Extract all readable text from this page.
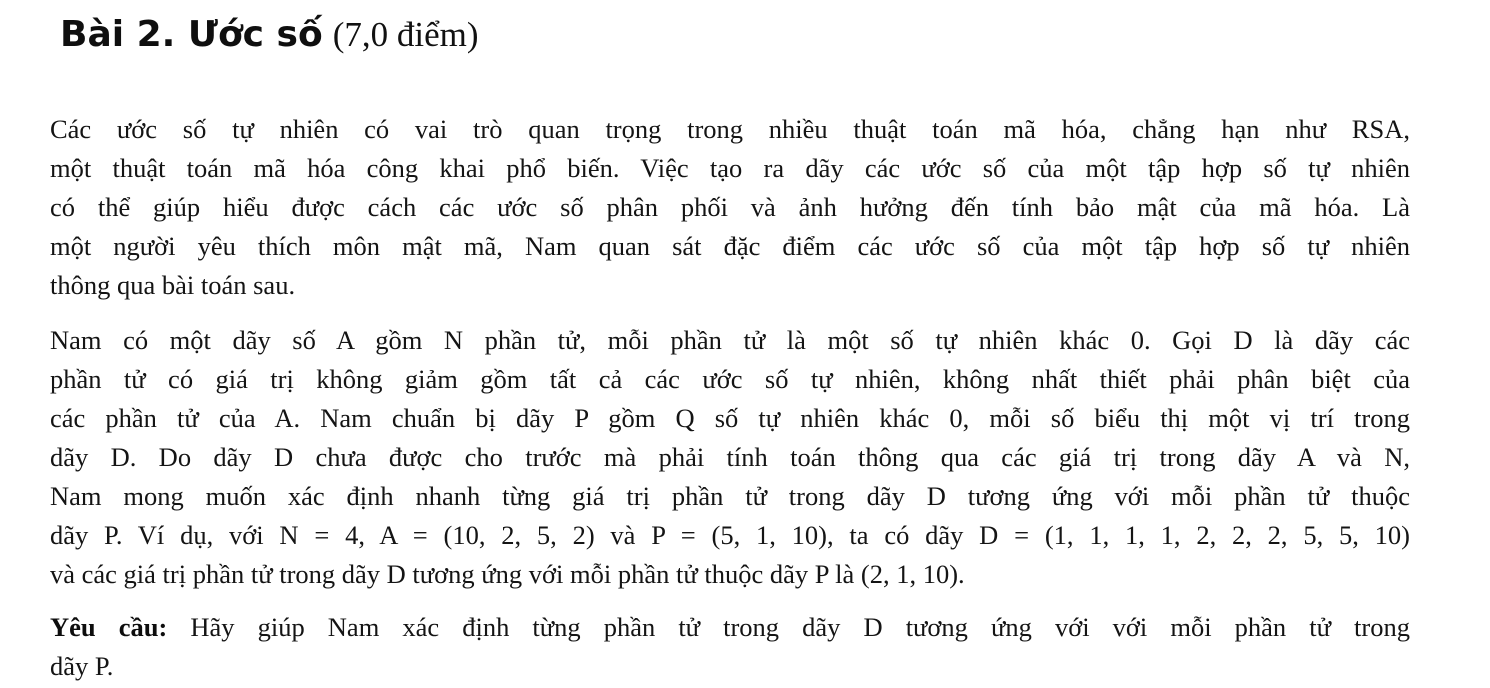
Bài 2. Ước số (7,0 điểm)
Các ước số tự nhiên có vai trò quan trọng trong nhiều thuật toán mã hóa, chẳng hạn như RSA,
một thuật toán mã hóa công khai phổ biến. Việc tạo ra dãy các ước số của một tập hợp số tự nhiên
có thể giúp hiểu được cách các ước số phân phối và ảnh hưởng đến tính bảo mật của mã hóa. Là
một người yêu thích môn mật mã, Nam quan sát đặc điểm các ước số của một tập hợp số tự nhiên
thông qua bài toán sau.
Nam có một dãy số A gồm N phần tử, mỗi phần tử là một số tự nhiên khác 0. Gọi D là dãy các
phần tử có giá trị không giảm gồm tất cả các ước số tự nhiên, không nhất thiết phải phân biệt của
các phần tử của A. Nam chuẩn bị dãy P gồm Q số tự nhiên khác 0, mỗi số biểu thị một vị trí trong
dãy D. Do dãy D chưa được cho trước mà phải tính toán thông qua các giá trị trong dãy A và N,
Nam mong muốn xác định nhanh từng giá trị phần tử trong dãy D tương ứng với mỗi phần tử thuộc
dãy P. Ví dụ, với N = 4, A = (10, 2, 5, 2) và P = (5, 1, 10), ta có dãy D = (1, 1, 1, 1, 2, 2, 2, 5, 5, 10)
và các giá trị phần tử trong dãy D tương ứng với mỗi phần tử thuộc dãy P là (2, 1, 10).
Yêu cầu: Hãy giúp Nam xác định từng phần tử trong dãy D tương ứng với với mỗi phần tử trong
dãy P.
